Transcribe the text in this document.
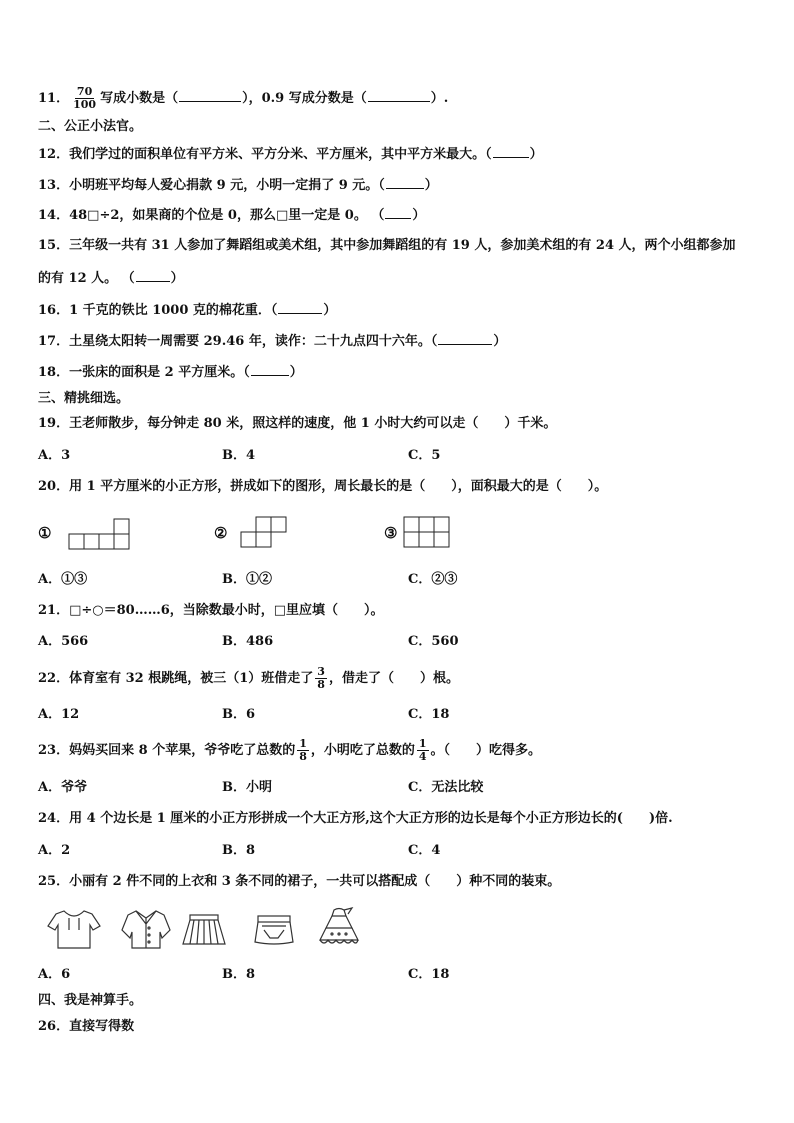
11． $\frac{70}{100}$ 写成小数是（	），0.9 写成分数是（	）.
二、公正小法官。
12．我们学过的面积单位有平方米、平方分米、平方厘米，其中平方米最大。（	）
13．小明班平均每人爱心捐款 9 元，小明一定捐了 9 元。（	）
14．48□÷2，如果商的个位是 0，那么□里一定是 0。 （ ）
15．三年级一共有 31 人参加了舞蹈组或美术组，其中参加舞蹈组的有 19 人，参加美术组的有 24 人，两个小组都参加
的有 12 人。 （	）
16．1 千克的铁比 1000 克的棉花重．（	）
17．土星绕太阳转一周需要 29.46 年，读作：二十九点四十六年。（	）
18．一张床的面积是 2 平方厘米。（	）
三、精挑细选。
19．王老师散步，每分钟走 80 米，照这样的速度，他 1 小时大约可以走（　　）千米。
A．3	B．4	C．5
20．用 1 平方厘米的小正方形，拼成如下的图形，周长最长的是（　　），面积最大的是（　　）。
①	②	③
A．①③	B．①②	C．②③
21．□÷○＝80……6，当除数最小时，□里应填（　　）。
A．566	B．486	C．560
22．体育室有 32 根跳绳，被三（1）班借走了 $\frac{3}{8}$ ，借走了（　　）根。
A．12	B．6	C．18
23．妈妈买回来 8 个苹果，爷爷吃了总数的 $\frac{1}{8}$ ，小明吃了总数的 $\frac{1}{4}$ 。（　　）吃得多。
A．爷爷	B．小明	C．无法比较
24．用 4 个边长是 1 厘米的小正方形拼成一个大正方形,这个大正方形的边长是每个小正方形边长的(　　)倍.
A．2	B．8	C．4
25．小丽有 2 件不同的上衣和 3 条不同的裙子，一共可以搭配成（　　）种不同的装束。
A．6	B．8	C．18
四、我是神算手。
26．直接写得数
